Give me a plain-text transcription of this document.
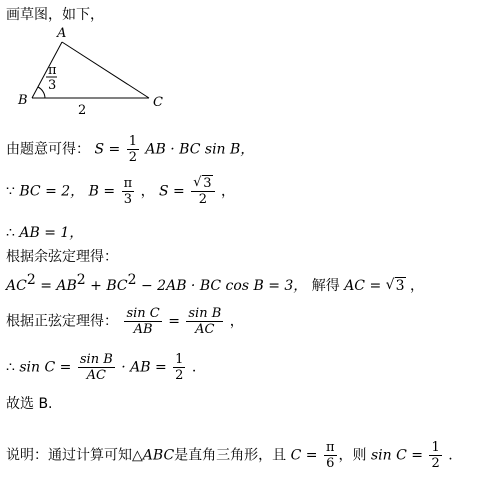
画草图，如下，
A
B	C
2
π
3
由题意可得： $S = \frac{1}{2}$ AB · BC sin B，
∵ BC = 2， $B = \frac{\pi}{3}$ ， S = √ $\frac{3}{2}$ ，
∴ AB = 1，
根据余弦定理得：
$AC^2 = AB^2 + BC^2 - 2AB$ · BC cos B = 3， 解得 AC = √ 3 ，
根据正弦定理得： $\frac{\text{sin C}}{AB} = \frac{\text{sin B}}{AC}$ ，
∴ $\sin C = \frac{\text{sin B}}{AC}$ · AB = $\frac{1}{2}$ .
故选 B.
说明：通过计算可知△ABC是直角三角形，且 $C = \frac{\pi}{6}$ ，则 $\sin C = \frac{1}{2}$ .
